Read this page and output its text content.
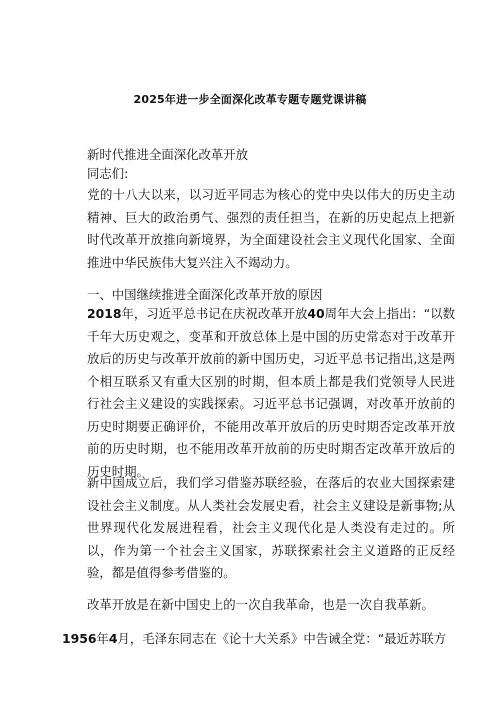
2025年进一步全面深化改革专题专题党课讲稿
新时代推进全面深化改革开放
同志们:

党的十八大以来，以习近平同志为核心的党中央以伟大的历史主动精神、巨大的政治勇气、强烈的责任担当，在新的历史起点上把新时代改革开放推向新境界，为全面建设社会主义现代化国家、全面推进中华民族伟大复兴注入不竭动力。

一、中国继续推进全面深化改革开放的原因

2018年，习近平总书记在庆祝改革开放40周年大会上指出：“以数千年大历史观之，变革和开放总体上是中国的历史常态对于改革开放后的历史与改革开放前的新中国历史，习近平总书记指出,这是两个相互联系又有重大区别的时期，但本质上都是我们党领导人民进行社会主义建设的实践探索。习近平总书记强调，对改革开放前的历史时期要正确评价，不能用改革开放后的历史时期否定改革开放前的历史时期，也不能用改革开放前的历史时期否定改革开放后的历史时期。

新中国成立后，我们学习借鉴苏联经验，在落后的农业大国探索建设社会主义制度。从人类社会发展史看，社会主义建设是新事物;从世界现代化发展进程看，社会主义现代化是人类没有走过的。所以，作为第一个社会主义国家，苏联探索社会主义道路的正反经验，都是值得参考借鉴的。

改革开放是在新中国史上的一次自我革命，也是一次自我革新。

1956年4月，毛泽东同志在《论十大关系》中告诫全党：“最近苏联方
